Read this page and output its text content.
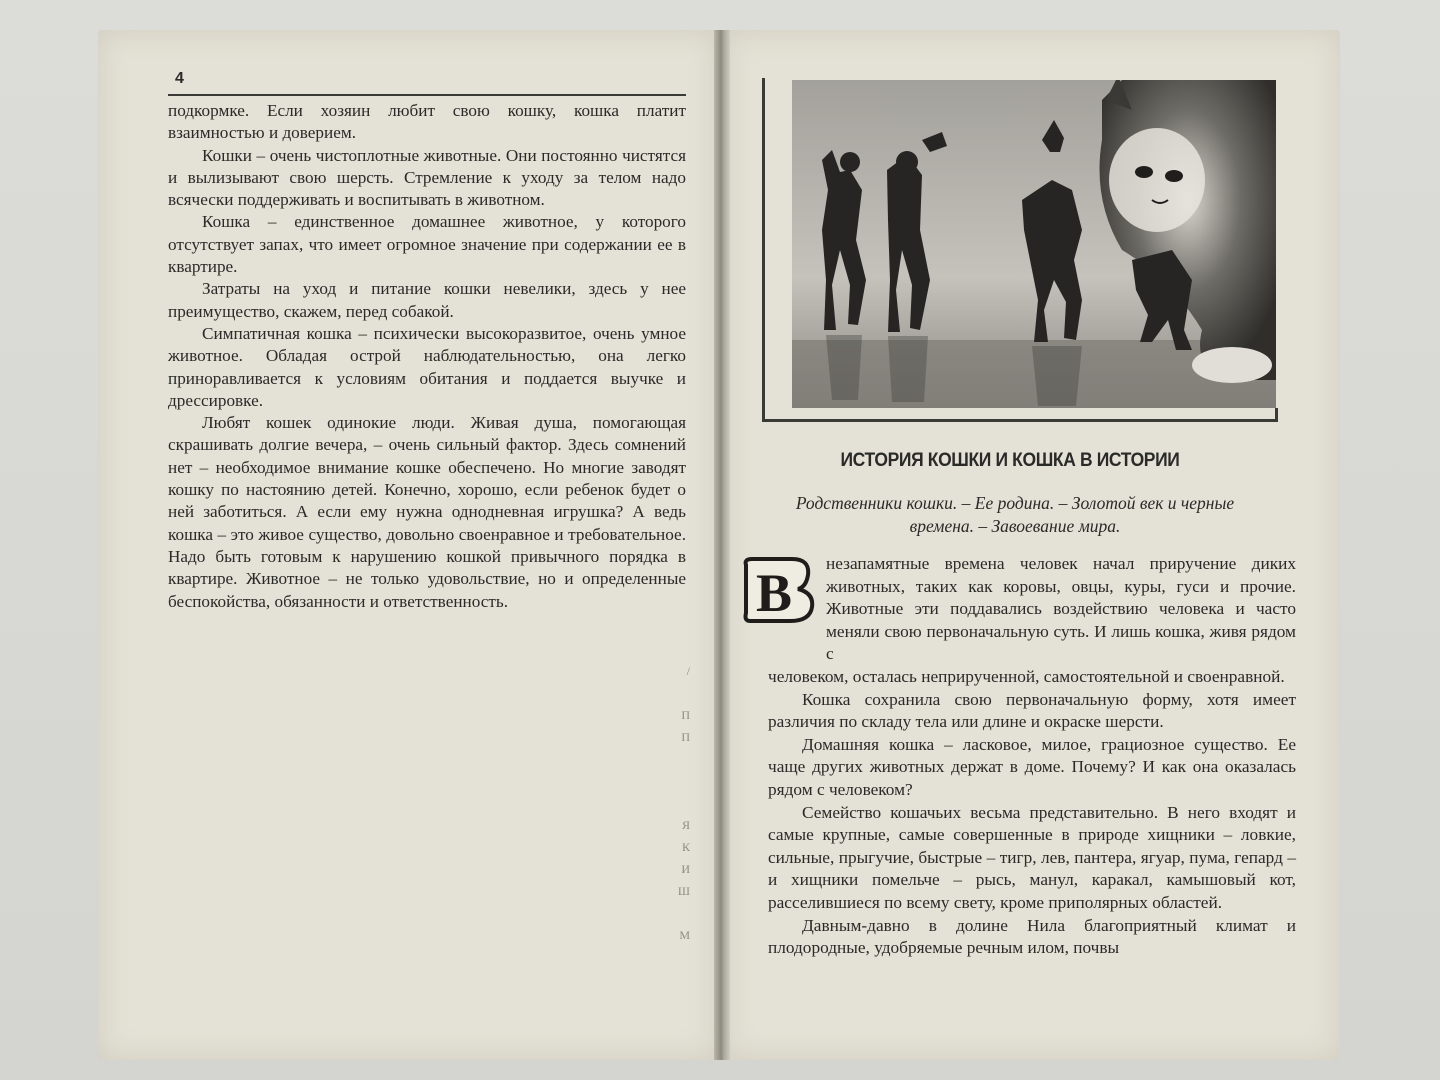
4

подкормке. Если хозяин любит свою кошку, кошка платит взаимностью и доверием.

Кошки – очень чистоплотные животные. Они постоянно чистятся и вылизывают свою шерсть. Стремление к уходу за телом надо всячески поддерживать и воспитывать в животном.

Кошка – единственное домашнее животное, у которого отсутствует запах, что имеет огромное значение при содержании ее в квартире.

Затраты на уход и питание кошки невелики, здесь у нее преимущество, скажем, перед собакой.

Симпатичная кошка – психически высокоразвитое, очень умное животное. Обладая острой наблюдательностью, она легко приноравливается к условиям обитания и поддается выучке и дрессировке.

Любят кошек одинокие люди. Живая душа, помогающая скрашивать долгие вечера, – очень сильный фактор. Здесь сомнений нет – необходимое внимание кошке обеспечено. Но многие заводят кошку по настоянию детей. Конечно, хорошо, если ребенок будет о ней заботиться. А если ему нужна однодневная игрушка? А ведь кошка – это живое существо, довольно своенравное и требовательное. Надо быть готовым к нарушению кошкой привычного порядка в квартире. Животное – не только удовольствие, но и определенные беспокойства, обязанности и ответственность.

/
П
П
Я
К
И
Ш
М
ИСТОРИЯ КОШКИ И КОШКА В ИСТОРИИ
Родственники кошки. – Ее родина. – Золотой век и черные времена. – Завоевание мира.
В	незапамятные времена человек начал приручение диких животных, таких как коровы, овцы, куры, гуси и прочие. Животные эти поддавались воздействию человека и часто меняли свою первоначальную суть. И лишь кошка, живя рядом с

человеком, осталась неприрученной, самостоятельной и своенравной.

Кошка сохранила свою первоначальную форму, хотя имеет различия по складу тела или длине и окраске шерсти.

Домашняя кошка – ласковое, милое, грациозное существо. Ее чаще других животных держат в доме. Почему? И как она оказалась рядом с человеком?

Семейство кошачьих весьма представительно. В него входят и самые крупные, самые совершенные в природе хищники – ловкие, сильные, прыгучие, быстрые – тигр, лев, пантера, ягуар, пума, гепард – и хищники помельче – рысь, манул, каракал, камышовый кот, расселившиеся по всему свету, кроме приполярных областей.

Давным-давно в долине Нила благоприятный климат и плодородные, удобряемые речным илом, почвы
